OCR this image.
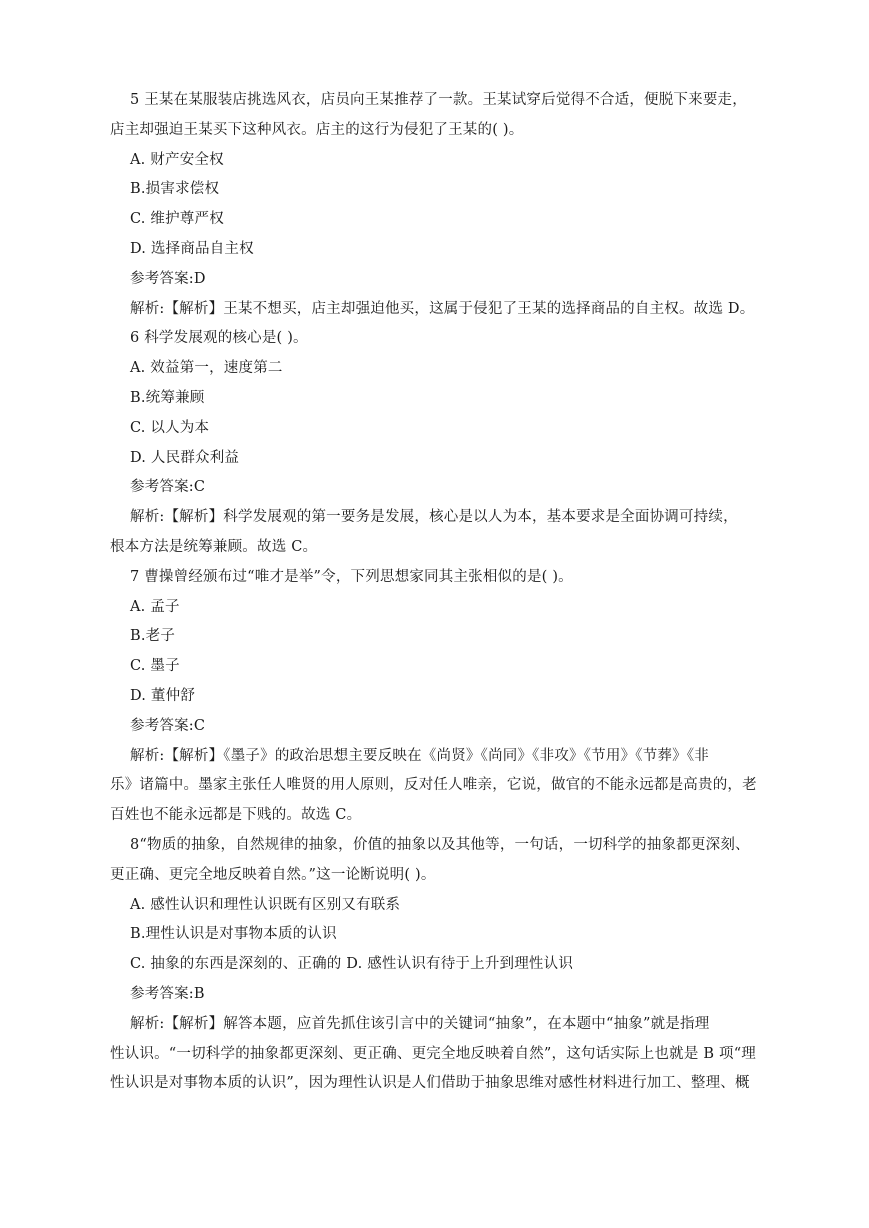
5 王某在某服装店挑选风衣，店员向王某推荐了一款。王某试穿后觉得不合适，便脱下来要走，
店主却强迫王某买下这种风衣。店主的这行为侵犯了王某的( )。
A. 财产安全权
B.损害求偿权
C. 维护尊严权
D. 选择商品自主权
参考答案:D
解析:【解析】王某不想买，店主却强迫他买，这属于侵犯了王某的选择商品的自主权。故选 D。
6 科学发展观的核心是( )。
A. 效益第一，速度第二
B.统筹兼顾
C. 以人为本
D. 人民群众利益
参考答案:C
解析:【解析】科学发展观的第一要务是发展，核心是以人为本，基本要求是全面协调可持续，
根本方法是统筹兼顾。故选 C。
7 曹操曾经颁布过“唯才是举”令，下列思想家同其主张相似的是( )。
A. 孟子
B.老子
C. 墨子
D. 董仲舒
参考答案:C
解析:【解析】《墨子》的政治思想主要反映在《尚贤》《尚同》《非攻》《节用》《节葬》《非
乐》诸篇中。墨家主张任人唯贤的用人原则，反对任人唯亲，它说，做官的不能永远都是高贵的，老
百姓也不能永远都是下贱的。故选 C。
8“物质的抽象，自然规律的抽象，价值的抽象以及其他等，一句话，一切科学的抽象都更深刻、
更正确、更完全地反映着自然。”这一论断说明( )。
A. 感性认识和理性认识既有区别又有联系
B.理性认识是对事物本质的认识
C. 抽象的东西是深刻的、正确的 D. 感性认识有待于上升到理性认识
参考答案:B
解析:【解析】解答本题，应首先抓住该引言中的关键词“抽象”，在本题中“抽象”就是指理
性认识。“一切科学的抽象都更深刻、更正确、更完全地反映着自然”，这句话实际上也就是 B 项“理
性认识是对事物本质的认识”，因为理性认识是人们借助于抽象思维对感性材料进行加工、整理、概
